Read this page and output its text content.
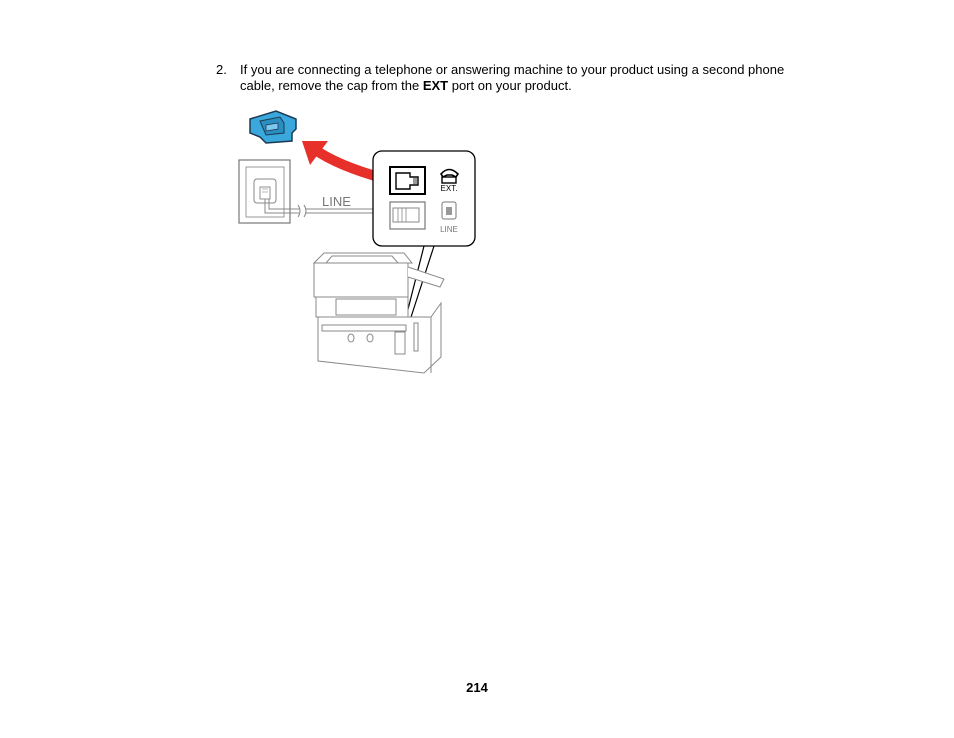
2. If you are connecting a telephone or answering machine to your product using a second phone cable, remove the cap from the EXT port on your product.
LINE
EXT.
LINE
214
